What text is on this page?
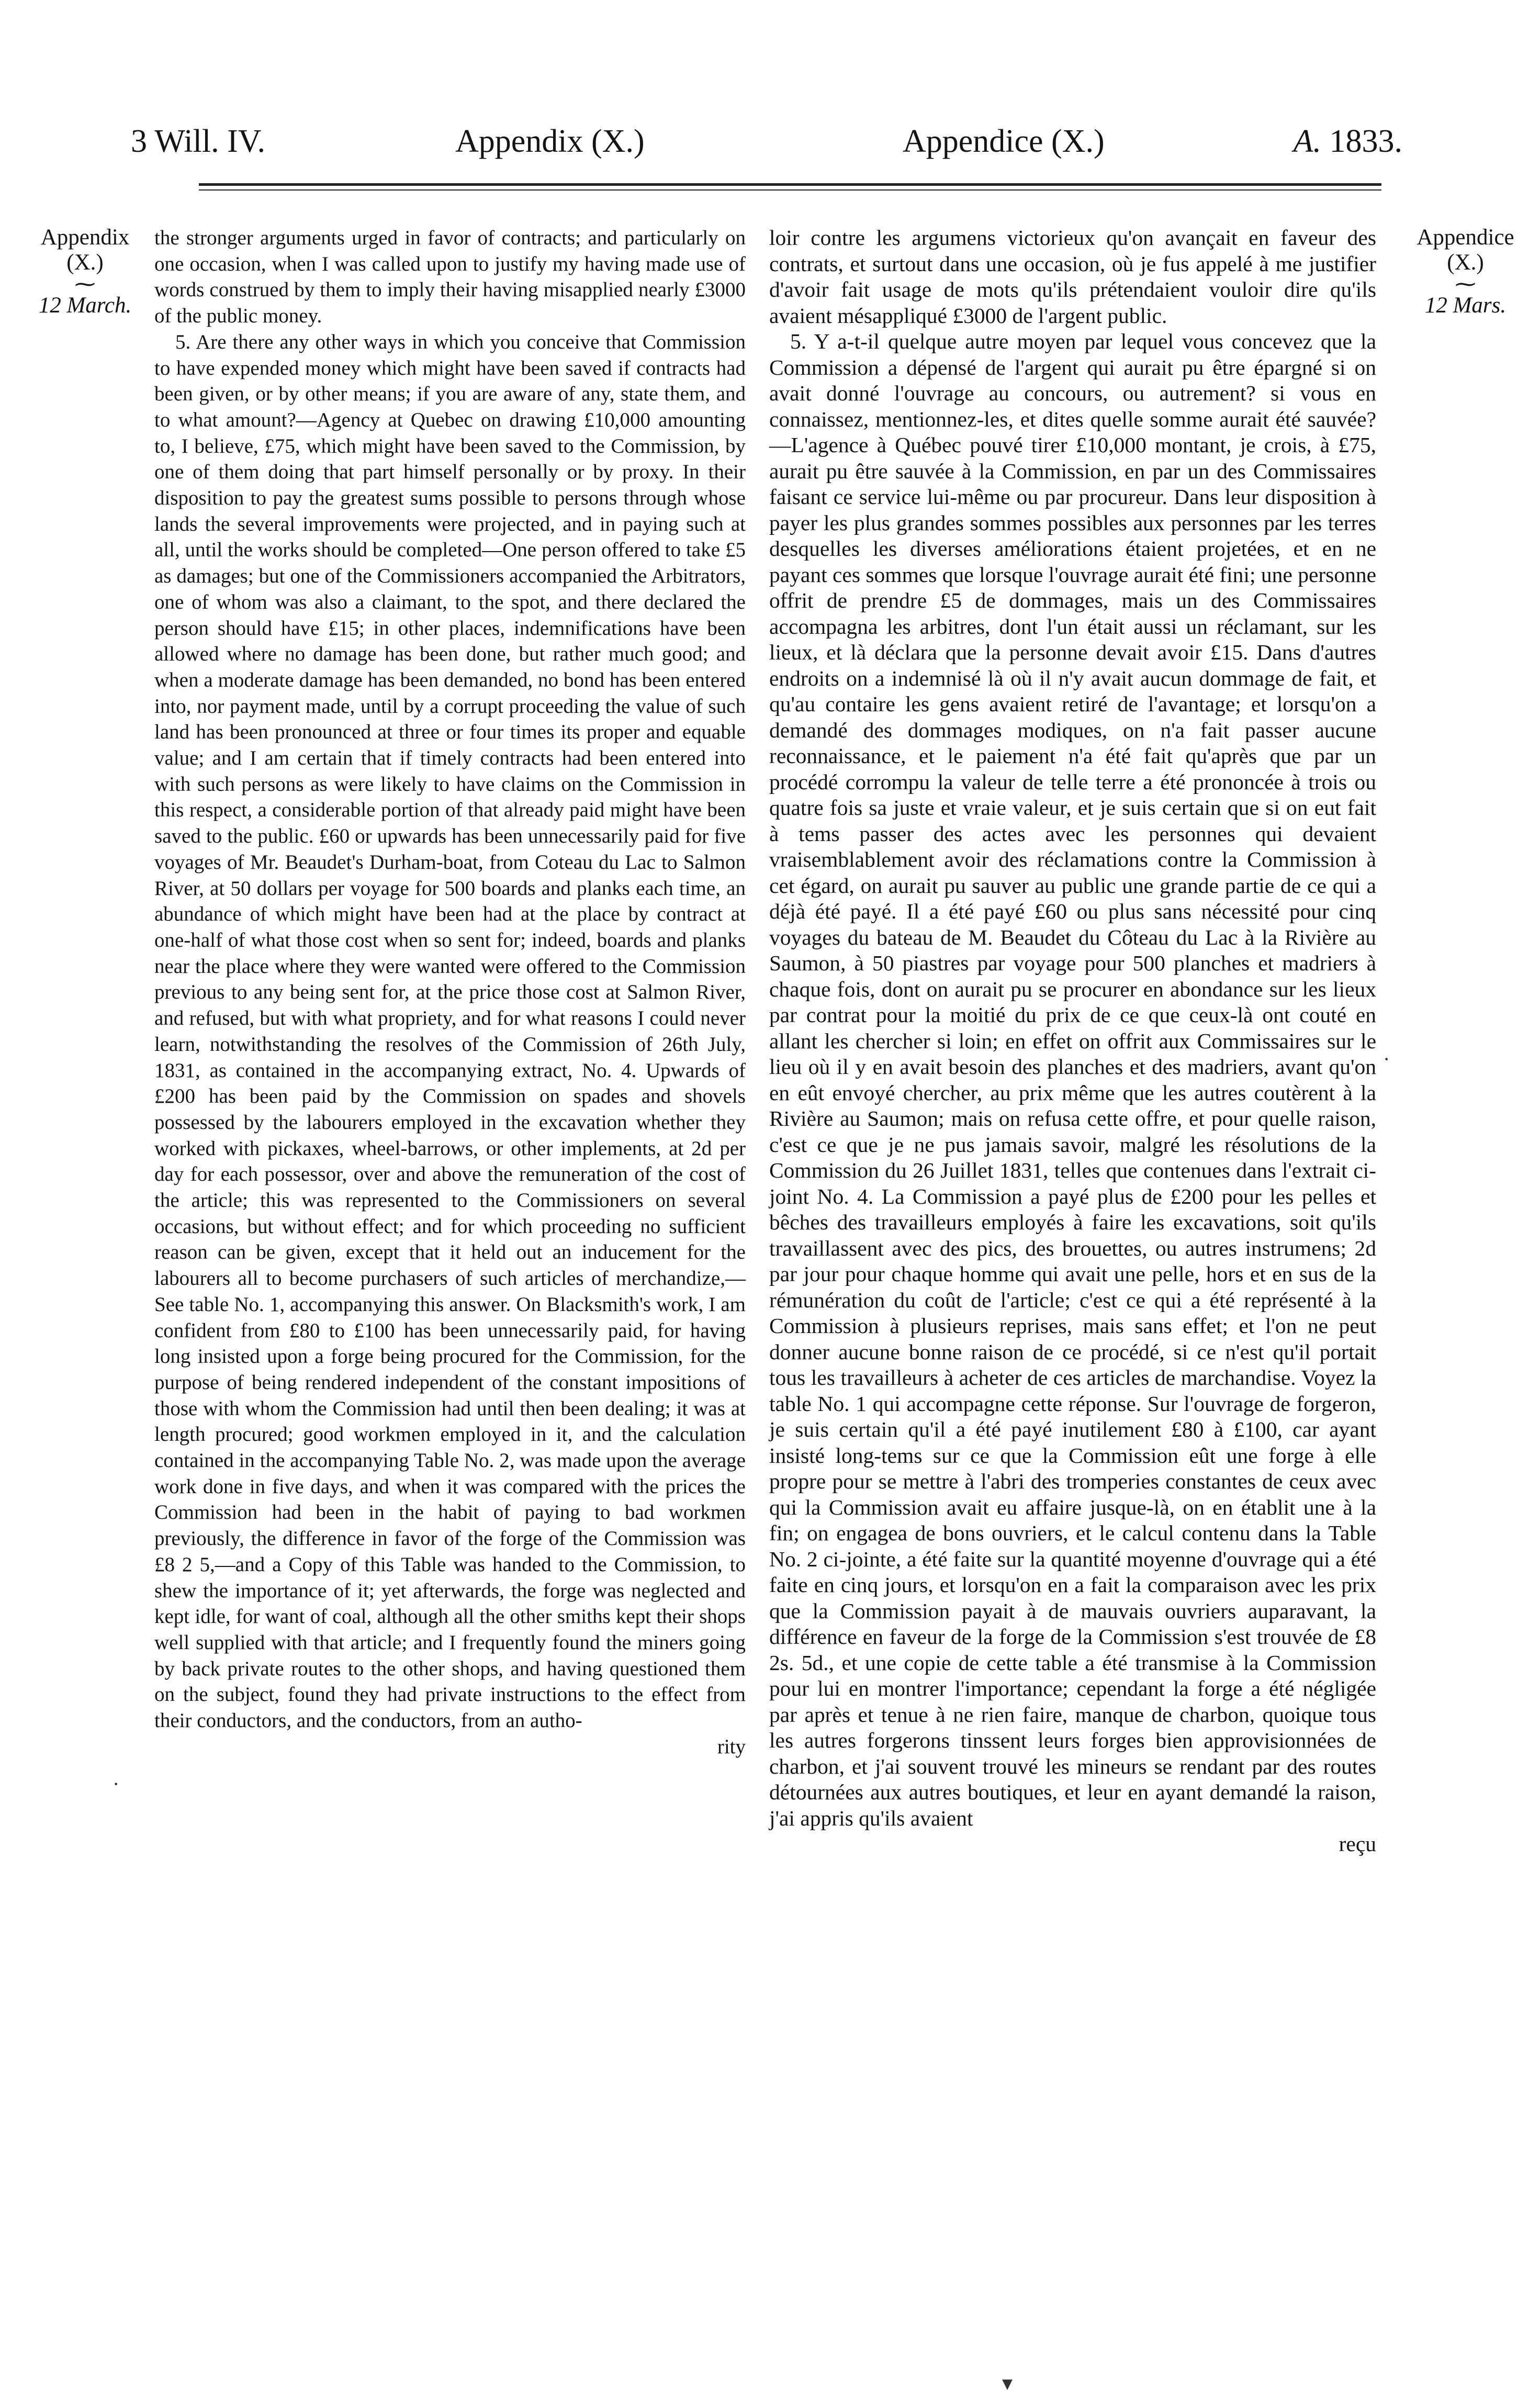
3 Will. IV.	Appendix (X.)	Appendice (X.)	A. 1833.
Appendix
(X.)
⁓
12 March.
Appendice
(X.)
⁓
12 Mars.

the stronger arguments urged in favor of contracts; and particularly on one occasion, when I was called upon to justify my having made use of words construed by them to imply their having misapplied nearly £3000 of the public money.

5. Are there any other ways in which you conceive that Commission to have expended money which might have been saved if contracts had been given, or by other means; if you are aware of any, state them, and to what amount?—Agency at Quebec on drawing £10,000 amounting to, I believe, £75, which might have been saved to the Commission, by one of them doing that part himself personally or by proxy. In their disposition to pay the greatest sums possible to persons through whose lands the several improvements were projected, and in paying such at all, until the works should be completed—One person offered to take £5 as damages; but one of the Commissioners accompanied the Arbitrators, one of whom was also a claimant, to the spot, and there declared the person should have £15; in other places, indemnifications have been allowed where no damage has been done, but rather much good; and when a moderate damage has been demanded, no bond has been entered into, nor payment made, until by a corrupt proceeding the value of such land has been pronounced at three or four times its proper and equable value; and I am certain that if timely contracts had been entered into with such persons as were likely to have claims on the Commission in this respect, a considerable portion of that already paid might have been saved to the public. £60 or upwards has been unnecessarily paid for five voyages of Mr. Beaudet's Durham-boat, from Coteau du Lac to Salmon River, at 50 dollars per voyage for 500 boards and planks each time, an abundance of which might have been had at the place by contract at one-half of what those cost when so sent for; indeed, boards and planks near the place where they were wanted were offered to the Commission previous to any being sent for, at the price those cost at Salmon River, and refused, but with what propriety, and for what reasons I could never learn, notwithstanding the resolves of the Commission of 26th July, 1831, as contained in the accompanying extract, No. 4. Upwards of £200 has been paid by the Commission on spades and shovels possessed by the labourers employed in the excavation whether they worked with pickaxes, wheel-barrows, or other implements, at 2d per day for each possessor, over and above the remuneration of the cost of the article; this was represented to the Commissioners on several occasions, but without effect; and for which proceeding no sufficient reason can be given, except that it held out an inducement for the labourers all to become purchasers of such articles of merchandize,—See table No. 1, accompanying this answer. On Blacksmith's work, I am confident from £80 to £100 has been unnecessarily paid, for having long insisted upon a forge being procured for the Commission, for the purpose of being rendered independent of the constant impositions of those with whom the Commission had until then been dealing; it was at length procured; good workmen employed in it, and the calculation contained in the accompanying Table No. 2, was made upon the average work done in five days, and when it was compared with the prices the Commission had been in the habit of paying to bad workmen previously, the difference in favor of the forge of the Commission was £8 2 5,—and a Copy of this Table was handed to the Commission, to shew the importance of it; yet afterwards, the forge was neglected and kept idle, for want of coal, although all the other smiths kept their shops well supplied with that article; and I frequently found the miners going by back private routes to the other shops, and having questioned them on the subject, found they had private instructions to the effect from their conductors, and the conductors, from an autho-

rity

loir contre les argumens victorieux qu'on avançait en faveur des contrats, et surtout dans une occasion, où je fus appelé à me justifier d'avoir fait usage de mots qu'ils prétendaient vouloir dire qu'ils avaient mésappliqué £3000 de l'argent public.

5. Y a-t-il quelque autre moyen par lequel vous concevez que la Commission a dépensé de l'argent qui aurait pu être épargné si on avait donné l'ouvrage au concours, ou autrement? si vous en connaissez, mentionnez-les, et dites quelle somme aurait été sauvée?—L'agence à Québec pouvé tirer £10,000 montant, je crois, à £75, aurait pu être sauvée à la Commission, en par un des Commissaires faisant ce service lui-même ou par procureur. Dans leur disposition à payer les plus grandes sommes possibles aux personnes par les terres desquelles les diverses améliorations étaient projetées, et en ne payant ces sommes que lorsque l'ouvrage aurait été fini; une personne offrit de prendre £5 de dommages, mais un des Commissaires accompagna les arbitres, dont l'un était aussi un réclamant, sur les lieux, et là déclara que la personne devait avoir £15. Dans d'autres endroits on a indemnisé là où il n'y avait aucun dommage de fait, et qu'au contaire les gens avaient retiré de l'avantage; et lorsqu'on a demandé des dommages modiques, on n'a fait passer aucune reconnaissance, et le paiement n'a été fait qu'après que par un procédé corrompu la valeur de telle terre a été prononcée à trois ou quatre fois sa juste et vraie valeur, et je suis certain que si on eut fait à tems passer des actes avec les personnes qui devaient vraisemblablement avoir des réclamations contre la Commission à cet égard, on aurait pu sauver au public une grande partie de ce qui a déjà été payé. Il a été payé £60 ou plus sans nécessité pour cinq voyages du bateau de M. Beaudet du Côteau du Lac à la Rivière au Saumon, à 50 piastres par voyage pour 500 planches et madriers à chaque fois, dont on aurait pu se procurer en abondance sur les lieux par contrat pour la moitié du prix de ce que ceux-là ont couté en allant les chercher si loin; en effet on offrit aux Commissaires sur le lieu où il y en avait besoin des planches et des madriers, avant qu'on en eût envoyé chercher, au prix même que les autres coutèrent à la Rivière au Saumon; mais on refusa cette offre, et pour quelle raison, c'est ce que je ne pus jamais savoir, malgré les résolutions de la Commission du 26 Juillet 1831, telles que contenues dans l'extrait ci-joint No. 4. La Commission a payé plus de £200 pour les pelles et bêches des travailleurs employés à faire les excavations, soit qu'ils travaillassent avec des pics, des brouettes, ou autres instrumens; 2d par jour pour chaque homme qui avait une pelle, hors et en sus de la rémunération du coût de l'article; c'est ce qui a été représenté à la Commission à plusieurs reprises, mais sans effet; et l'on ne peut donner aucune bonne raison de ce procédé, si ce n'est qu'il portait tous les travailleurs à acheter de ces articles de marchandise. Voyez la table No. 1 qui accompagne cette réponse. Sur l'ouvrage de forgeron, je suis certain qu'il a été payé inutilement £80 à £100, car ayant insisté long-tems sur ce que la Commission eût une forge à elle propre pour se mettre à l'abri des tromperies constantes de ceux avec qui la Commission avait eu affaire jusque-là, on en établit une à la fin; on engagea de bons ouvriers, et le calcul contenu dans la Table No. 2 ci-jointe, a été faite sur la quantité moyenne d'ouvrage qui a été faite en cinq jours, et lorsqu'on en a fait la comparaison avec les prix que la Commission payait à de mauvais ouvriers auparavant, la différence en faveur de la forge de la Commission s'est trouvée de £8 2s. 5d., et une copie de cette table a été transmise à la Commission pour lui en montrer l'importance; cependant la forge a été négligée par après et tenue à ne rien faire, manque de charbon, quoique tous les autres forgerons tinssent leurs forges bien approvisionnées de charbon, et j'ai souvent trouvé les mineurs se rendant par des routes détournées aux autres boutiques, et leur en ayant demandé la raison, j'ai appris qu'ils avaient

reçu
·
·
▾
